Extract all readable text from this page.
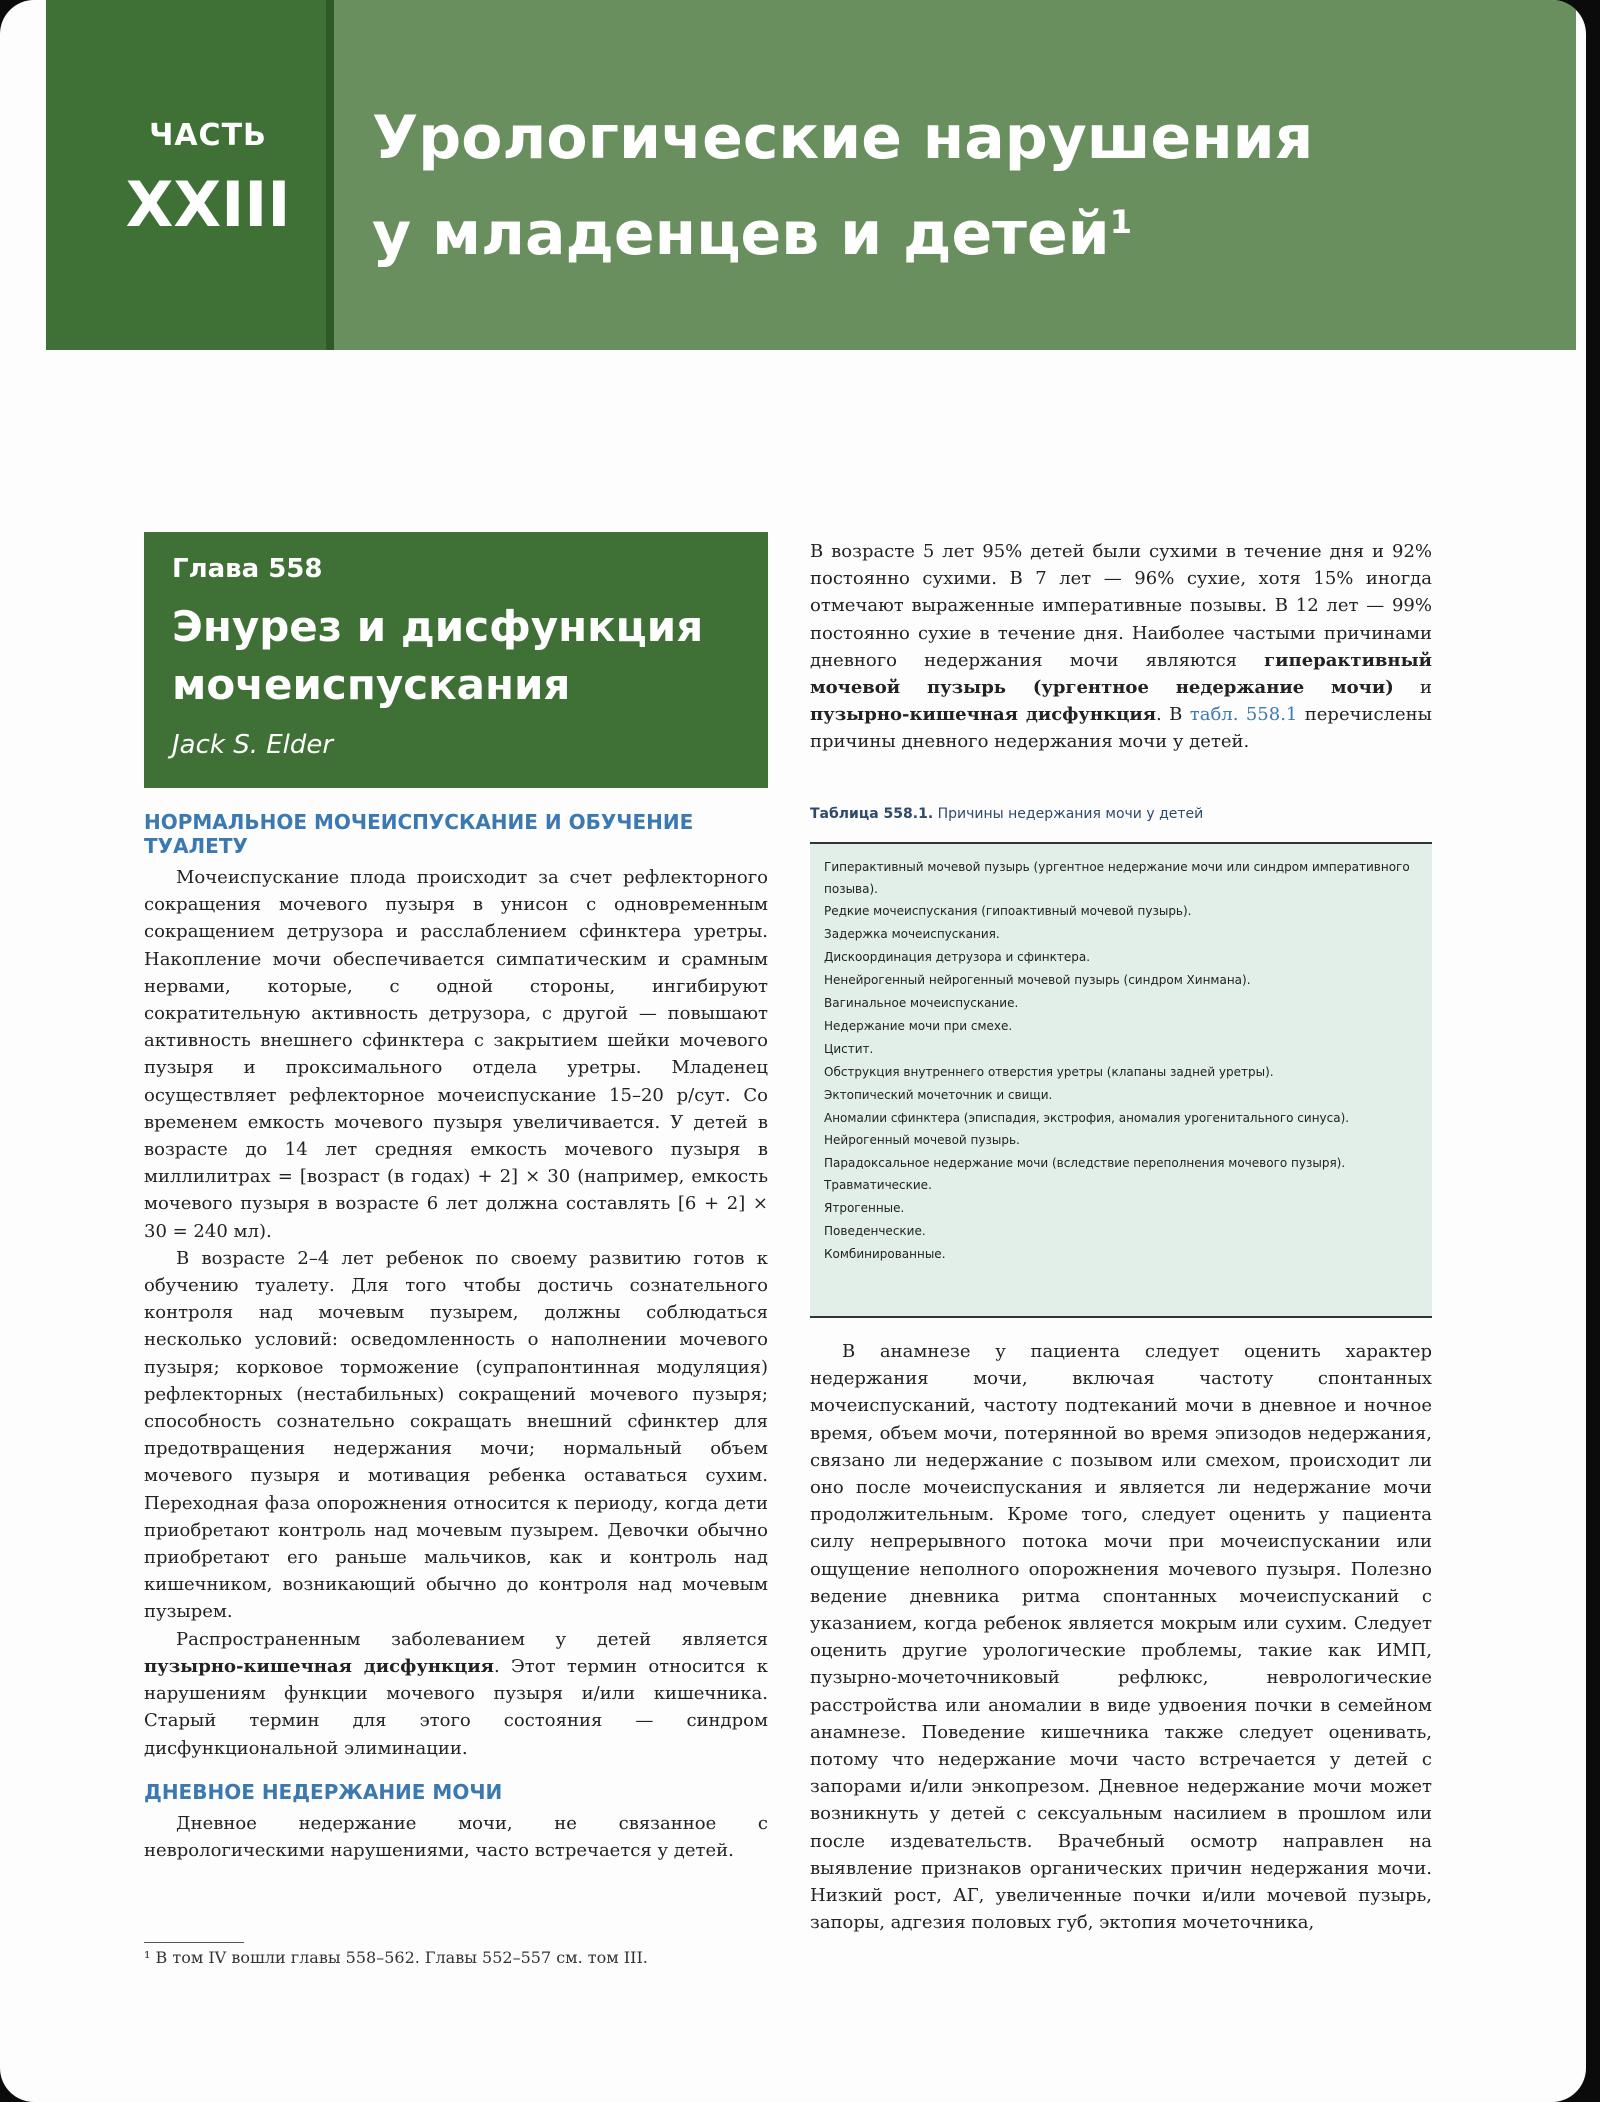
ЧАСТЬ
XXIII
Урологические нарушения
у младенцев и детей$^1$
Глава 558
Энурез и дисфункция
мочеиспускания
Jack S. Elder
НОРМАЛЬНОЕ МОЧЕИСПУСКАНИЕ И ОБУЧЕНИЕ ТУАЛЕТУ

Мочеиспускание плода происходит за счет рефлекторного сокращения мочевого пузыря в унисон с одновременным сокращением детрузора и расслаблением сфинктера уретры. Накопление мочи обеспечивается симпатическим и срамным нервами, которые, с одной стороны, ингибируют сократительную активность детрузора, с другой — повышают активность внешнего сфинктера с закрытием шейки мочевого пузыря и проксимального отдела уретры. Младенец осуществляет рефлекторное мочеиспускание 15–20 р/сут. Со временем емкость мочевого пузыря увеличивается. У детей в возрасте до 14 лет средняя емкость мочевого пузыря в миллилитрах = [возраст (в годах) + 2] × 30 (например, емкость мочевого пузыря в возрасте 6 лет должна составлять [6 + 2] × 30 = 240 мл).

В возрасте 2–4 лет ребенок по своему развитию готов к обучению туалету. Для того чтобы достичь сознательного контроля над мочевым пузырем, должны соблюдаться несколько условий: осведомленность о наполнении мочевого пузыря; корковое торможение (супрапонтинная модуляция) рефлекторных (нестабильных) сокращений мочевого пузыря; способность сознательно сокращать внешний сфинктер для предотвращения недержания мочи; нормальный объем мочевого пузыря и мотивация ребенка оставаться сухим. Переходная фаза опорожнения относится к периоду, когда дети приобретают контроль над мочевым пузырем. Девочки обычно приобретают его раньше мальчиков, как и контроль над кишечником, возникающий обычно до контроля над мочевым пузырем.

Распространенным заболеванием у детей является пузырно-кишечная дисфункция. Этот термин относится к нарушениям функции мочевого пузыря и/или кишечника. Старый термин для этого состояния — синдром дисфункциональной элиминации.

ДНЕВНОЕ НЕДЕРЖАНИЕ МОЧИ

Дневное недержание мочи, не связанное с неврологическими нарушениями, часто встречается у детей.

¹ В том IV вошли главы 558–562. Главы 552–557 см. том III.

В возрасте 5 лет 95% детей были сухими в течение дня и 92% постоянно сухими. В 7 лет — 96% сухие, хотя 15% иногда отмечают выраженные императивные позывы. В 12 лет — 99% постоянно сухие в течение дня. Наиболее частыми причинами дневного недержания мочи являются гиперактивный мочевой пузырь (ургентное недержание мочи) и пузырно-кишечная дисфункция. В табл. 558.1 перечислены причины дневного недержания мочи у детей.

Таблица 558.1. Причины недержания мочи у детей
Гиперактивный мочевой пузырь (ургентное недержание мочи или синдром императивного позыва).
Редкие мочеиспускания (гипоактивный мочевой пузырь).
Задержка мочеиспускания.
Дискоординация детрузора и сфинктера.
Ненейрогенный нейрогенный мочевой пузырь (синдром Хинмана).
Вагинальное мочеиспускание.
Недержание мочи при смехе.
Цистит.
Обструкция внутреннего отверстия уретры (клапаны задней уретры).
Эктопический мочеточник и свищи.
Аномалии сфинктера (эписпадия, экстрофия, аномалия урогенитального синуса).
Нейрогенный мочевой пузырь.
Парадоксальное недержание мочи (вследствие переполнения мочевого пузыря).
Травматические.
Ятрогенные.
Поведенческие.
Комбинированные.

В анамнезе у пациента следует оценить характер недержания мочи, включая частоту спонтанных мочеиспусканий, частоту подтеканий мочи в дневное и ночное время, объем мочи, потерянной во время эпизодов недержания, связано ли недержание с позывом или смехом, происходит ли оно после мочеиспускания и является ли недержание мочи продолжительным. Кроме того, следует оценить у пациента силу непрерывного потока мочи при мочеиспускании или ощущение неполного опорожнения мочевого пузыря. Полезно ведение дневника ритма спонтанных мочеиспусканий с указанием, когда ребенок является мокрым или сухим. Следует оценить другие урологические проблемы, такие как ИМП, пузырно-мочеточниковый рефлюкс, неврологические расстройства или аномалии в виде удвоения почки в семейном анамнезе. Поведение кишечника также следует оценивать, потому что недержание мочи часто встречается у детей с запорами и/или энкопрезом. Дневное недержание мочи может возникнуть у детей с сексуальным насилием в прошлом или после издевательств. Врачебный осмотр направлен на выявление признаков органических причин недержания мочи. Низкий рост, АГ, увеличенные почки и/или мочевой пузырь, запоры, адгезия половых губ, эктопия мочеточника,
